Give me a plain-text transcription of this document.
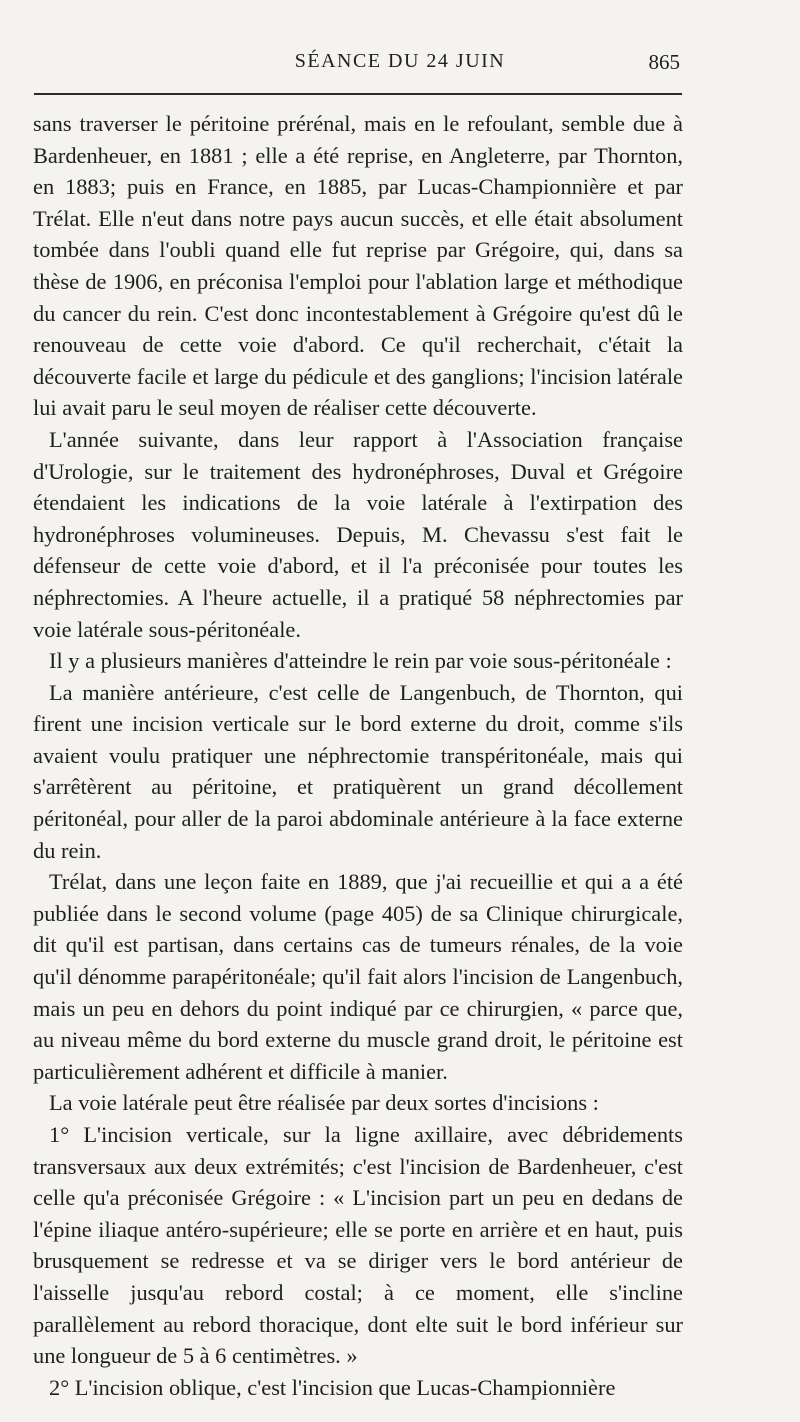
SÉANCE DU 24 JUIN	865

sans traverser le péritoine prérénal, mais en le refoulant, semble due à Bardenheuer, en 1881 ; elle a été reprise, en Angleterre, par Thornton, en 1883; puis en France, en 1885, par Lucas-Championnière et par Trélat. Elle n'eut dans notre pays aucun succès, et elle était absolument tombée dans l'oubli quand elle fut reprise par Grégoire, qui, dans sa thèse de 1906, en préconisa l'emploi pour l'ablation large et méthodique du cancer du rein. C'est donc incontestablement à Grégoire qu'est dû le renouveau de cette voie d'abord. Ce qu'il recherchait, c'était la découverte facile et large du pédicule et des ganglions; l'incision latérale lui avait paru le seul moyen de réaliser cette découverte.

L'année suivante, dans leur rapport à l'Association française d'Urologie, sur le traitement des hydronéphroses, Duval et Grégoire étendaient les indications de la voie latérale à l'extirpation des hydronéphroses volumineuses. Depuis, M. Chevassu s'est fait le défenseur de cette voie d'abord, et il l'a préconisée pour toutes les néphrectomies. A l'heure actuelle, il a pratiqué 58 néphrectomies par voie latérale sous-péritonéale.

Il y a plusieurs manières d'atteindre le rein par voie sous-péritonéale :

La manière antérieure, c'est celle de Langenbuch, de Thornton, qui firent une incision verticale sur le bord externe du droit, comme s'ils avaient voulu pratiquer une néphrectomie transpéritonéale, mais qui s'arrêtèrent au péritoine, et pratiquèrent un grand décollement péritonéal, pour aller de la paroi abdominale antérieure à la face externe du rein.

Trélat, dans une leçon faite en 1889, que j'ai recueillie et qui a a été publiée dans le second volume (page 405) de sa Clinique chirurgicale, dit qu'il est partisan, dans certains cas de tumeurs rénales, de la voie qu'il dénomme parapéritonéale; qu'il fait alors l'incision de Langenbuch, mais un peu en dehors du point indiqué par ce chirurgien, « parce que, au niveau même du bord externe du muscle grand droit, le péritoine est particulièrement adhérent et difficile à manier.

La voie latérale peut être réalisée par deux sortes d'incisions :

1° L'incision verticale, sur la ligne axillaire, avec débridements transversaux aux deux extrémités; c'est l'incision de Bardenheuer, c'est celle qu'a préconisée Grégoire : « L'incision part un peu en dedans de l'épine iliaque antéro-supérieure; elle se porte en arrière et en haut, puis brusquement se redresse et va se diriger vers le bord antérieur de l'aisselle jusqu'au rebord costal; à ce moment, elle s'incline parallèlement au rebord thoracique, dont elte suit le bord inférieur sur une longueur de 5 à 6 centimètres. »

2° L'incision oblique, c'est l'incision que Lucas-Championnière
